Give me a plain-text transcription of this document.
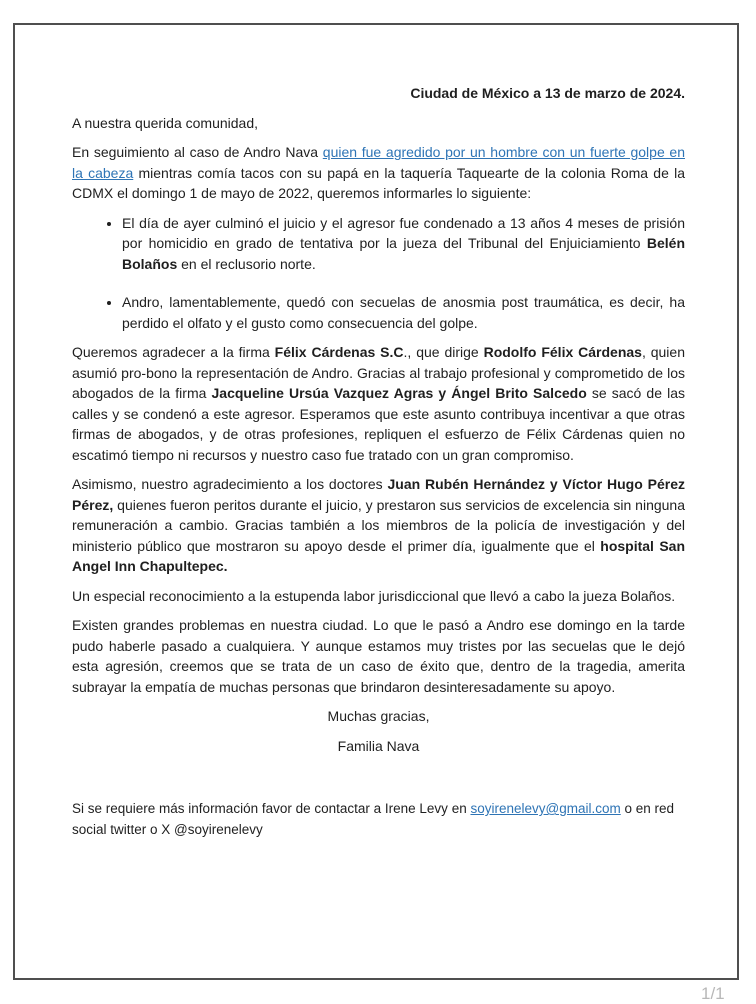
Ciudad de México a 13 de marzo de 2024.

A nuestra querida comunidad,

En seguimiento al caso de Andro Nava quien fue agredido por un hombre con un fuerte golpe en la cabeza mientras comía tacos con su papá en la taquería Taquearte de la colonia Roma de la CDMX el domingo 1 de mayo de 2022, queremos informarles lo siguiente:

• El día de ayer culminó el juicio y el agresor fue condenado a 13 años 4 meses de prisión por homicidio en grado de tentativa por la jueza del Tribunal del Enjuiciamiento Belén Bolaños en el reclusorio norte.
• Andro, lamentablemente, quedó con secuelas de anosmia post traumática, es decir, ha perdido el olfato y el gusto como consecuencia del golpe.

Queremos agradecer a la firma Félix Cárdenas S.C., que dirige Rodolfo Félix Cárdenas, quien asumió pro-bono la representación de Andro. Gracias al trabajo profesional y comprometido de los abogados de la firma Jacqueline Ursúa Vazquez Agras y Ángel Brito Salcedo se sacó de las calles y se condenó a este agresor. Esperamos que este asunto contribuya incentivar a que otras firmas de abogados, y de otras profesiones, repliquen el esfuerzo de Félix Cárdenas quien no escatimó tiempo ni recursos y nuestro caso fue tratado con un gran compromiso.

Asimismo, nuestro agradecimiento a los doctores Juan Rubén Hernández y Víctor Hugo Pérez Pérez, quienes fueron peritos durante el juicio, y prestaron sus servicios de excelencia sin ninguna remuneración a cambio. Gracias también a los miembros de la policía de investigación y del ministerio público que mostraron su apoyo desde el primer día, igualmente que el hospital San Angel Inn Chapultepec.

Un especial reconocimiento a la estupenda labor jurisdiccional que llevó a cabo la jueza Bolaños.

Existen grandes problemas en nuestra ciudad. Lo que le pasó a Andro ese domingo en la tarde pudo haberle pasado a cualquiera. Y aunque estamos muy tristes por las secuelas que le dejó esta agresión, creemos que se trata de un caso de éxito que, dentro de la tragedia, amerita subrayar la empatía de muchas personas que brindaron desinteresadamente su apoyo.

Muchas gracias,

Familia Nava

Si se requiere más información favor de contactar a Irene Levy en soyirenelevy@gmail.com o en red social twitter o X @soyirenelevy

1/1
